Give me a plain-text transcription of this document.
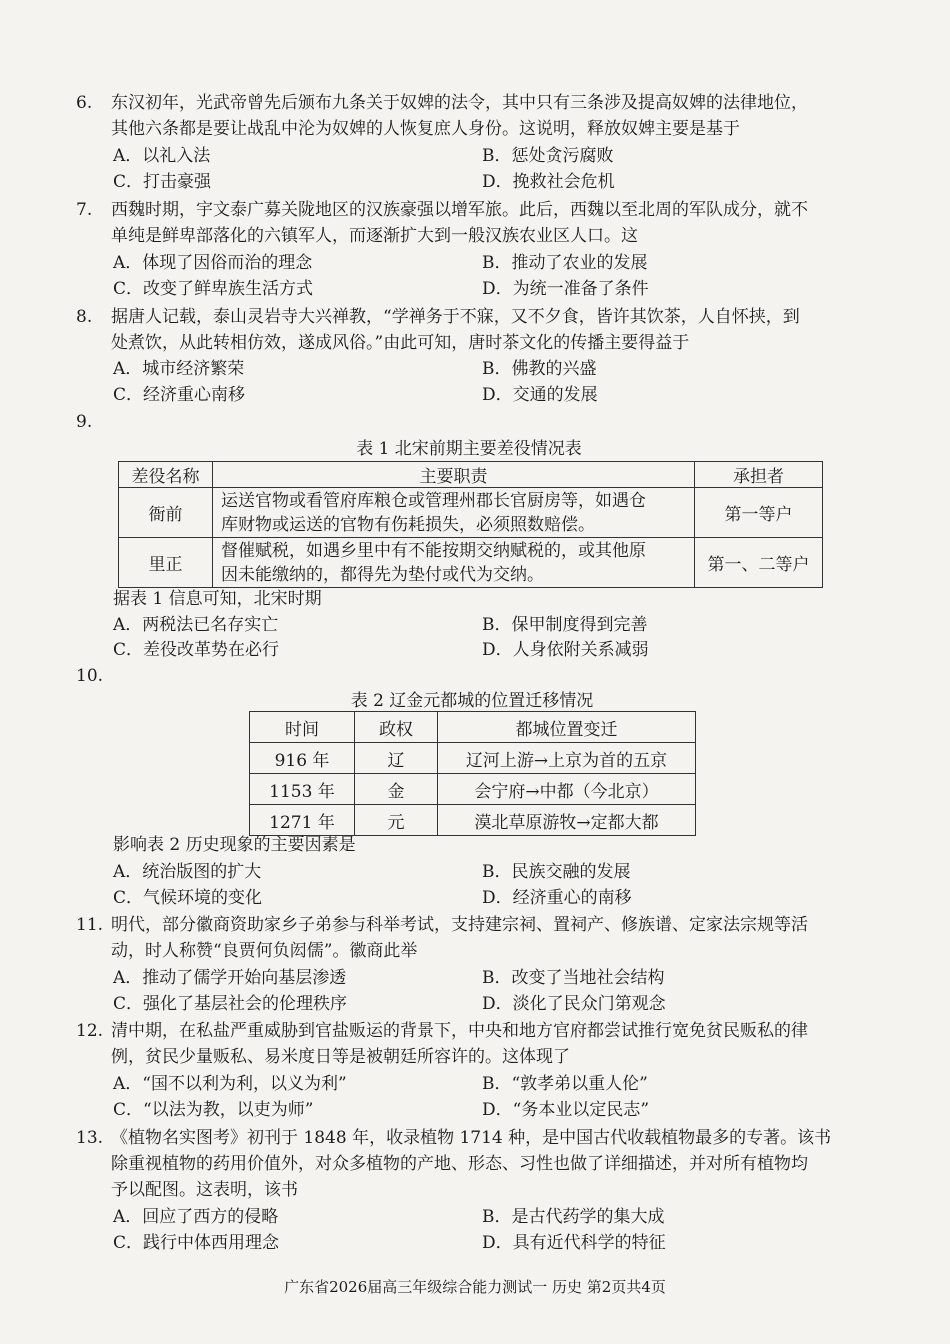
6. 东汉初年，光武帝曾先后颁布九条关于奴婢的法令，其中只有三条涉及提高奴婢的法律地位，
其他六条都是要让战乱中沦为奴婢的人恢复庶人身份。这说明，释放奴婢主要是基于
A．以礼入法	B．惩处贪污腐败
C．打击豪强	D．挽救社会危机
7. 西魏时期，宇文泰广募关陇地区的汉族豪强以增军旅。此后，西魏以至北周的军队成分，就不
单纯是鲜卑部落化的六镇军人，而逐渐扩大到一般汉族农业区人口。这
A．体现了因俗而治的理念	B．推动了农业的发展
C．改变了鲜卑族生活方式	D．为统一准备了条件
8. 据唐人记载，泰山灵岩寺大兴禅教，“学禅务于不寐，又不夕食，皆许其饮茶，人自怀挟，到
处煮饮，从此转相仿效，遂成风俗。”由此可知，唐时茶文化的传播主要得益于
A．城市经济繁荣	B．佛教的兴盛
C．经济重心南移	D．交通的发展
9.
表 1 北宋前期主要差役情况表
差役名称	主要职责	承担者
衙前	运送官物或看管府库粮仓或管理州郡长官厨房等，如遇仓
库财物或运送的官物有伤耗损失，必须照数赔偿。	第一等户
里正	督催赋税，如遇乡里中有不能按期交纳赋税的，或其他原
因未能缴纳的，都得先为垫付或代为交纳。	第一、二等户
据表 1 信息可知，北宋时期
A．两税法已名存实亡	B．保甲制度得到完善
C．差役改革势在必行	D．人身依附关系减弱
10.
表 2 辽金元都城的位置迁移情况
时间	政权	都城位置变迁
916 年	辽	辽河上游→上京为首的五京
1153 年	金	会宁府→中都（今北京）
1271 年	元	漠北草原游牧→定都大都
影响表 2 历史现象的主要因素是
A．统治版图的扩大	B．民族交融的发展
C．气候环境的变化	D．经济重心的南移
11. 明代，部分徽商资助家乡子弟参与科举考试，支持建宗祠、置祠产、修族谱、定家法宗规等活
动，时人称赞“良贾何负闳儒”。徽商此举
A．推动了儒学开始向基层渗透	B．改变了当地社会结构
C．强化了基层社会的伦理秩序	D．淡化了民众门第观念
12. 清中期，在私盐严重威胁到官盐贩运的背景下，中央和地方官府都尝试推行宽免贫民贩私的律
例，贫民少量贩私、易米度日等是被朝廷所容许的。这体现了
A．“国不以利为利，以义为利”	B．“敦孝弟以重人伦”
C．“以法为教，以吏为师”	D．“务本业以定民志”
13. 《植物名实图考》初刊于 1848 年，收录植物 1714 种，是中国古代收载植物最多的专著。该书
除重视植物的药用价值外，对众多植物的产地、形态、习性也做了详细描述，并对所有植物均
予以配图。这表明，该书
A．回应了西方的侵略	B．是古代药学的集大成
C．践行中体西用理念	D．具有近代科学的特征
广东省2026届高三年级综合能力测试一 历史 第2页共4页
